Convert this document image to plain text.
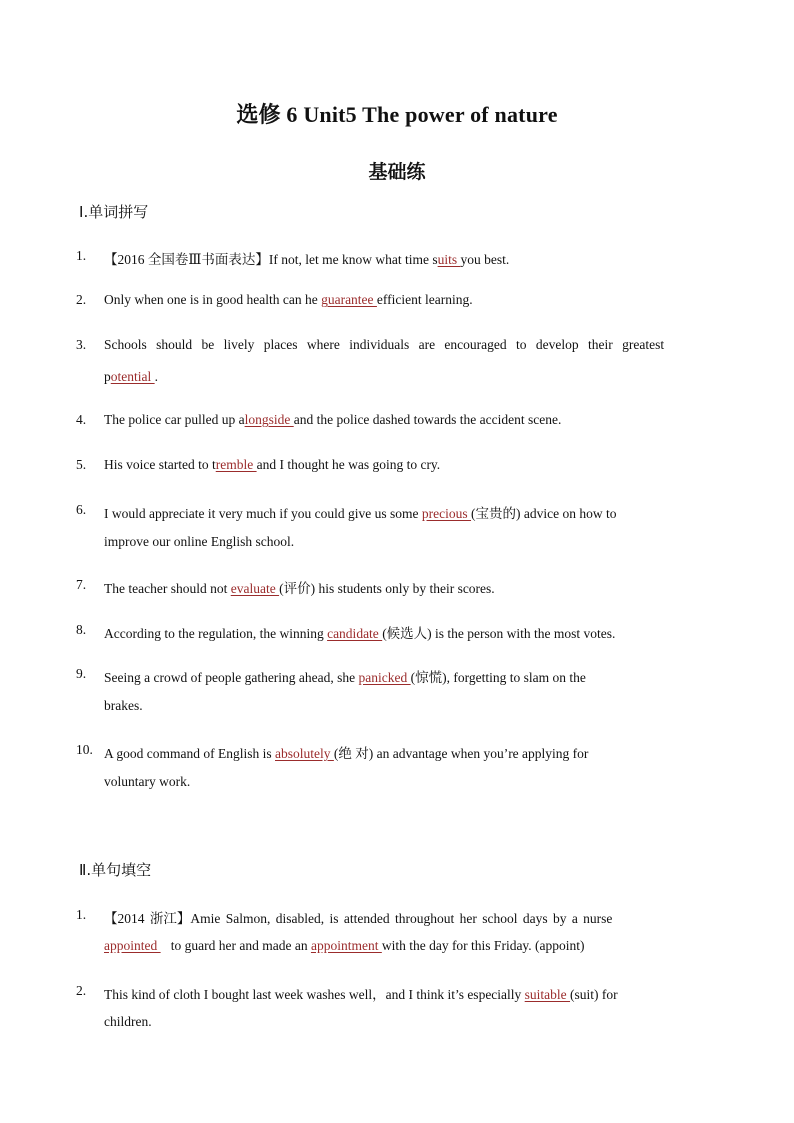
选修 6 Unit5 The power of nature
基础练
Ⅰ.单词拼写
1.	【2016 全国卷Ⅲ书面表达】If not, let me know what time suits you best.
2.	Only when one is in good health can he guarantee efficient learning.
3.	Schools should be lively places where individuals are encouraged to develop their greatest
potential .
4.	The police car pulled up alongside and the police dashed towards the accident scene.
5.	His voice started to tremble and I thought he was going to cry.
6.	I would appreciate it very much if you could give us some precious (宝贵的) advice on how to
improve our online English school.
7.	The teacher should not evaluate (评价) his students only by their scores.
8.	According to the regulation, the winning candidate (候选人) is the person with the most votes.
9.	Seeing a crowd of people gathering ahead, she panicked (惊慌), forgetting to slam on the
brakes.
10. A good command of English is absolutely (绝 对) an advantage when you’re applying for
voluntary work.
Ⅱ.单句填空
1.	【2014 浙江】Amie Salmon, disabled, is attended throughout her school days by a nurse
appointed    to guard her and made an appointment with the day for this Friday. (appoint)
2.	This kind of cloth I bought last week washes well，and I think it’s especially suitable (suit) for
children.
